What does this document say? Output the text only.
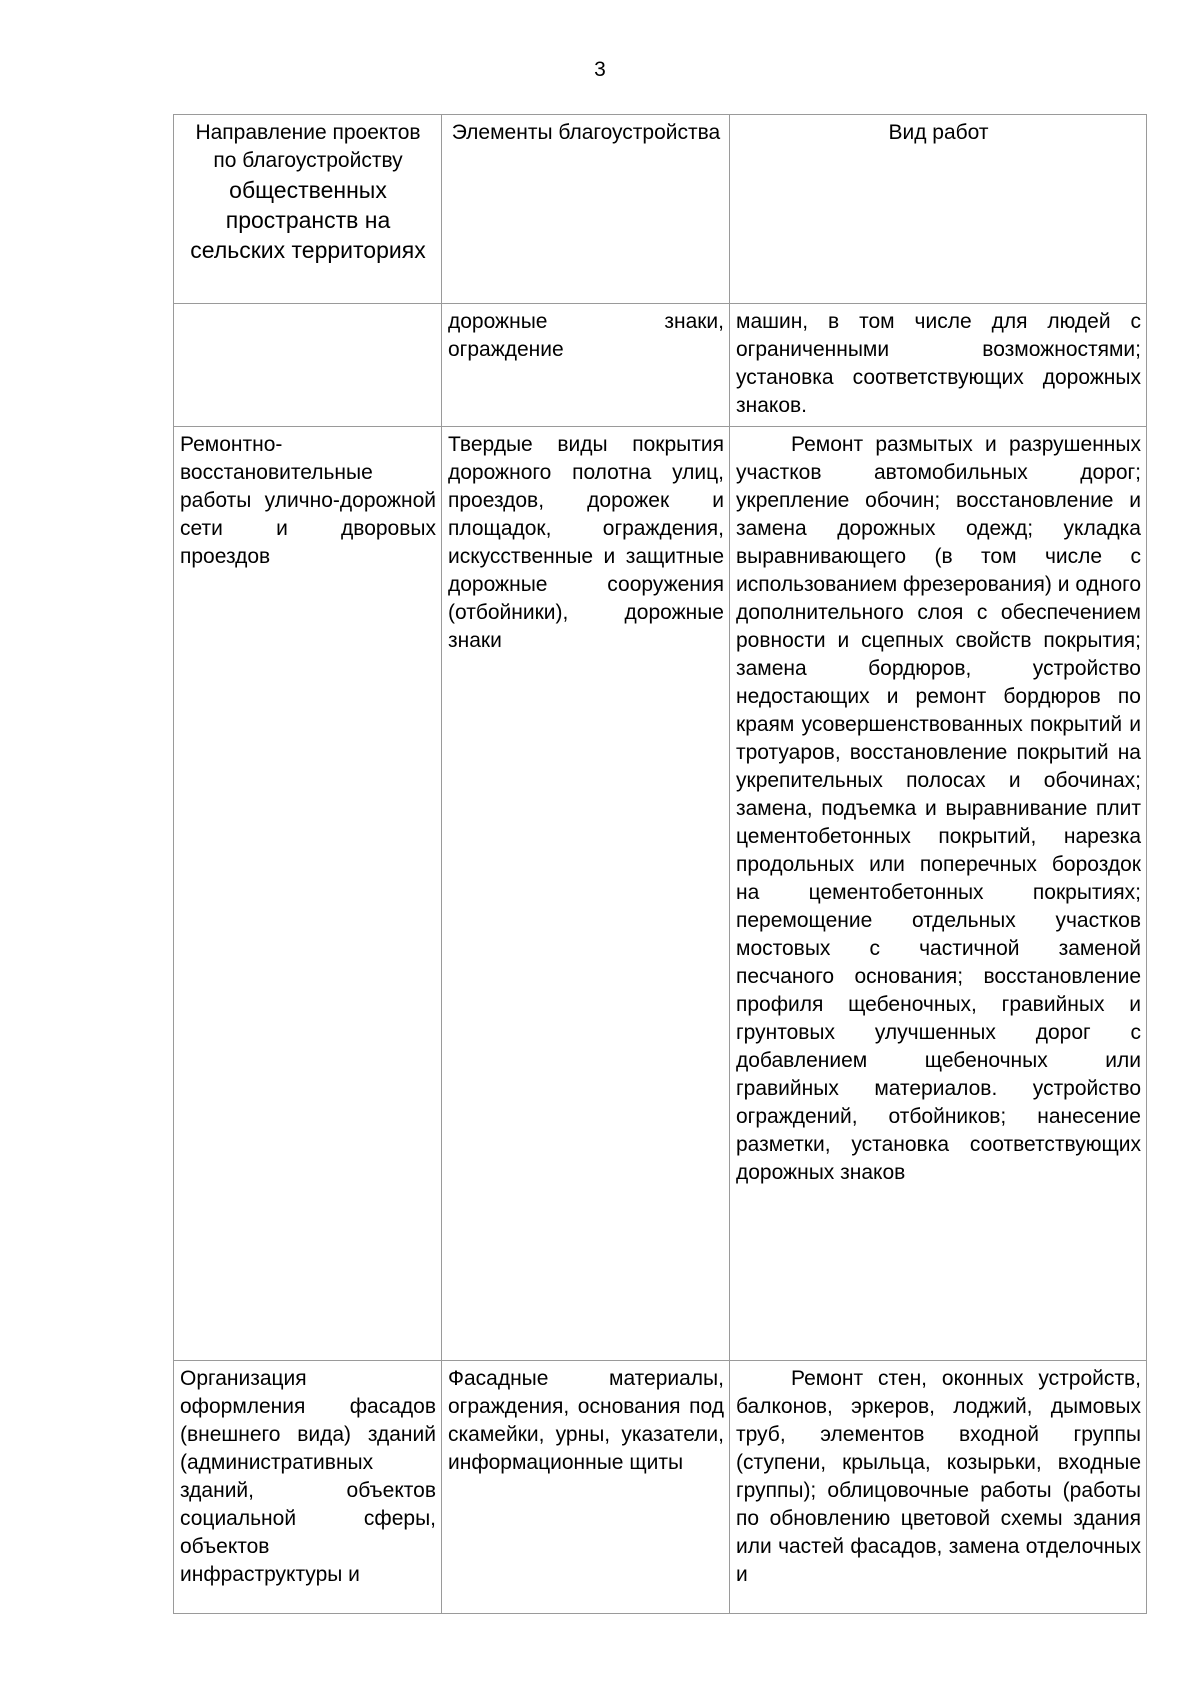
3
Направление проектов
по благоустройству
общественных пространств на сельских территориях	Элементы благоустройства	Вид работ
	дорожные знаки, ограждение	машин, в том числе для людей с ограниченными возможностями; установка соответствующих дорожных знаков.
Ремонтно-восстановительные работы улично-дорожной сети и дворовых проездов	Твердые виды покрытия дорожного полотна улиц, проездов, дорожек и площадок, ограждения, искусственные и защитные дорожные сооружения (отбойники), дорожные знаки	Ремонт размытых и разрушенных участков автомобильных дорог; укрепление обочин; восстановление и замена дорожных одежд; укладка выравнивающего (в том числе с использованием фрезерования) и одного дополнительного слоя с обеспечением ровности и сцепных свойств покрытия; замена бордюров, устройство недостающих и ремонт бордюров по краям усовершенствованных покрытий и тротуаров, восстановление покрытий на укрепительных полосах и обочинах; замена, подъемка и выравнивание плит цементобетонных покрытий, нарезка продольных или поперечных бороздок на цементобетонных покрытиях; перемощение отдельных участков мостовых с частичной заменой песчаного основания; восстановление профиля щебеночных, гравийных и грунтовых улучшенных дорог с добавлением щебеночных или гравийных материалов. устройство ограждений, отбойников; нанесение разметки, установка соответствующих дорожных знаков
Организация оформления фасадов (внешнего вида) зданий (административных зданий, объектов социальной сферы, объектов инфраструктуры и	Фасадные материалы, ограждения, основания под скамейки, урны, указатели, информационные щиты	Ремонт стен, оконных устройств, балконов, эркеров, лоджий, дымовых труб, элементов входной группы (ступени, крыльца, козырьки, входные группы); облицовочные работы (работы по обновлению цветовой схемы здания или частей фасадов, замена отделочных и
